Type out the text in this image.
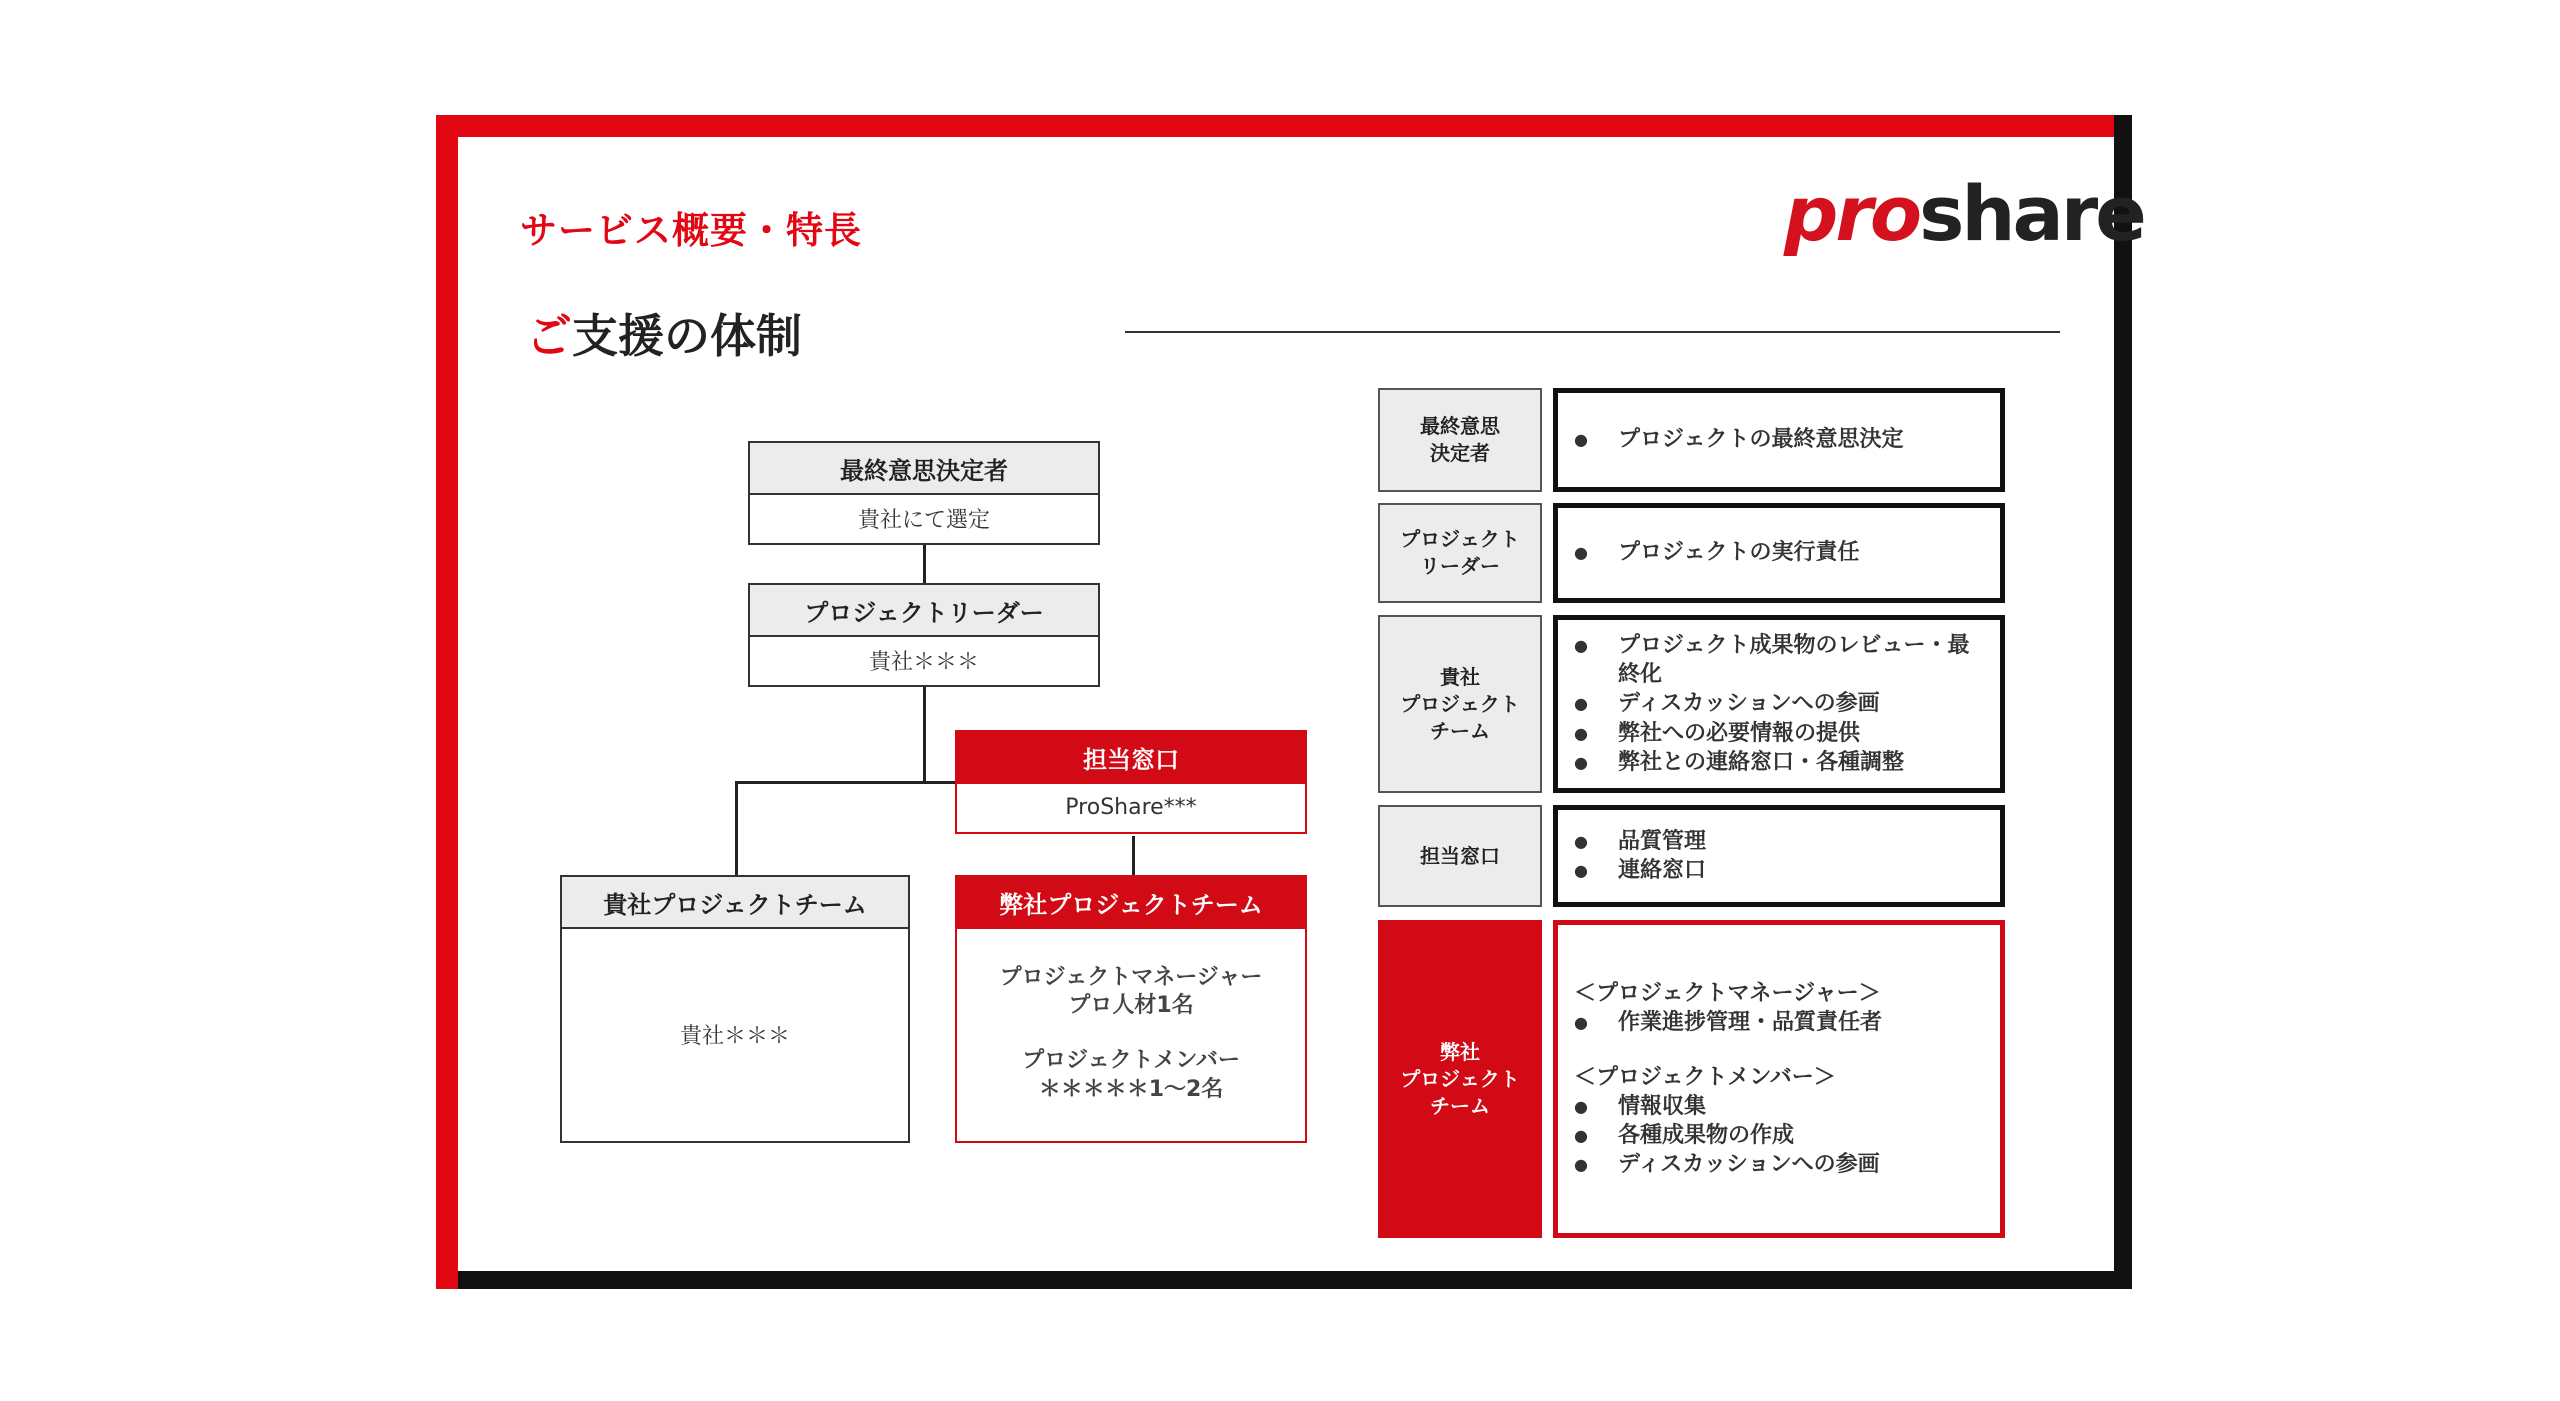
サービス概要・特長	proshare
ご支援の体制
最終意思決定者
貴社にて選定
プロジェクトリーダー
貴社＊＊＊
担当窓口
ProShare***
貴社プロジェクトチーム
貴社＊＊＊
弊社プロジェクトチーム
プロジェクトマネージャー
プロ人材1名
プロジェクトメンバー
＊＊＊＊＊1～2名
最終意思
決定者
● プロジェクトの最終意思決定
プロジェクト
リーダー
● プロジェクトの実行責任
貴社
プロジェクト
チーム
● プロジェクト成果物のレビュー・最終化
● ディスカッションへの参画
● 弊社への必要情報の提供
● 弊社との連絡窓口・各種調整
担当窓口
● 品質管理
● 連絡窓口
弊社
プロジェクト
チーム
＜プロジェクトマネージャー＞
● 作業進捗管理・品質責任者
＜プロジェクトメンバー＞
● 情報収集
● 各種成果物の作成
● ディスカッションへの参画
